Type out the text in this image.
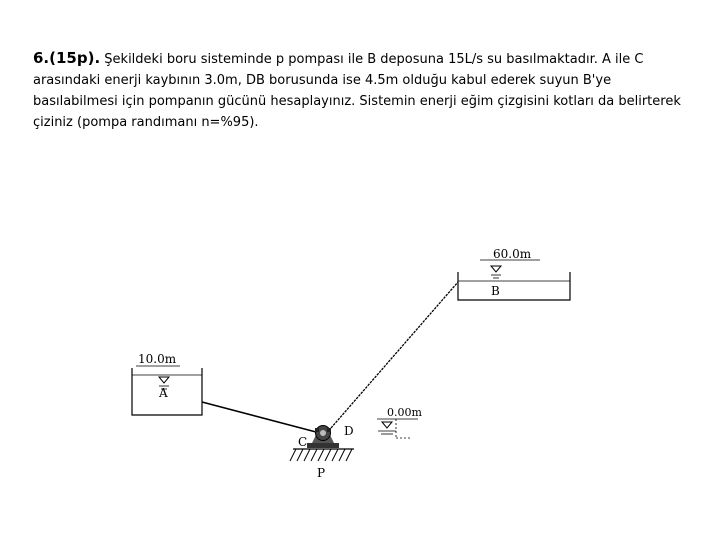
6.(15p). Şekildeki boru sisteminde p pompası ile B deposuna 15L/s su basılmaktadır. A ile C arasındaki enerji kaybının 3.0m, DB borusunda ise 4.5m olduğu kabul ederek suyun B'ye basılabilmesi için pompanın gücünü hesaplayınız. Sistemin enerji eğim çizgisini kotları da belirterek çiziniz (pompa randımanı n=%95).

60.0m
B
10.0m
A
C
D
P
0.00m
